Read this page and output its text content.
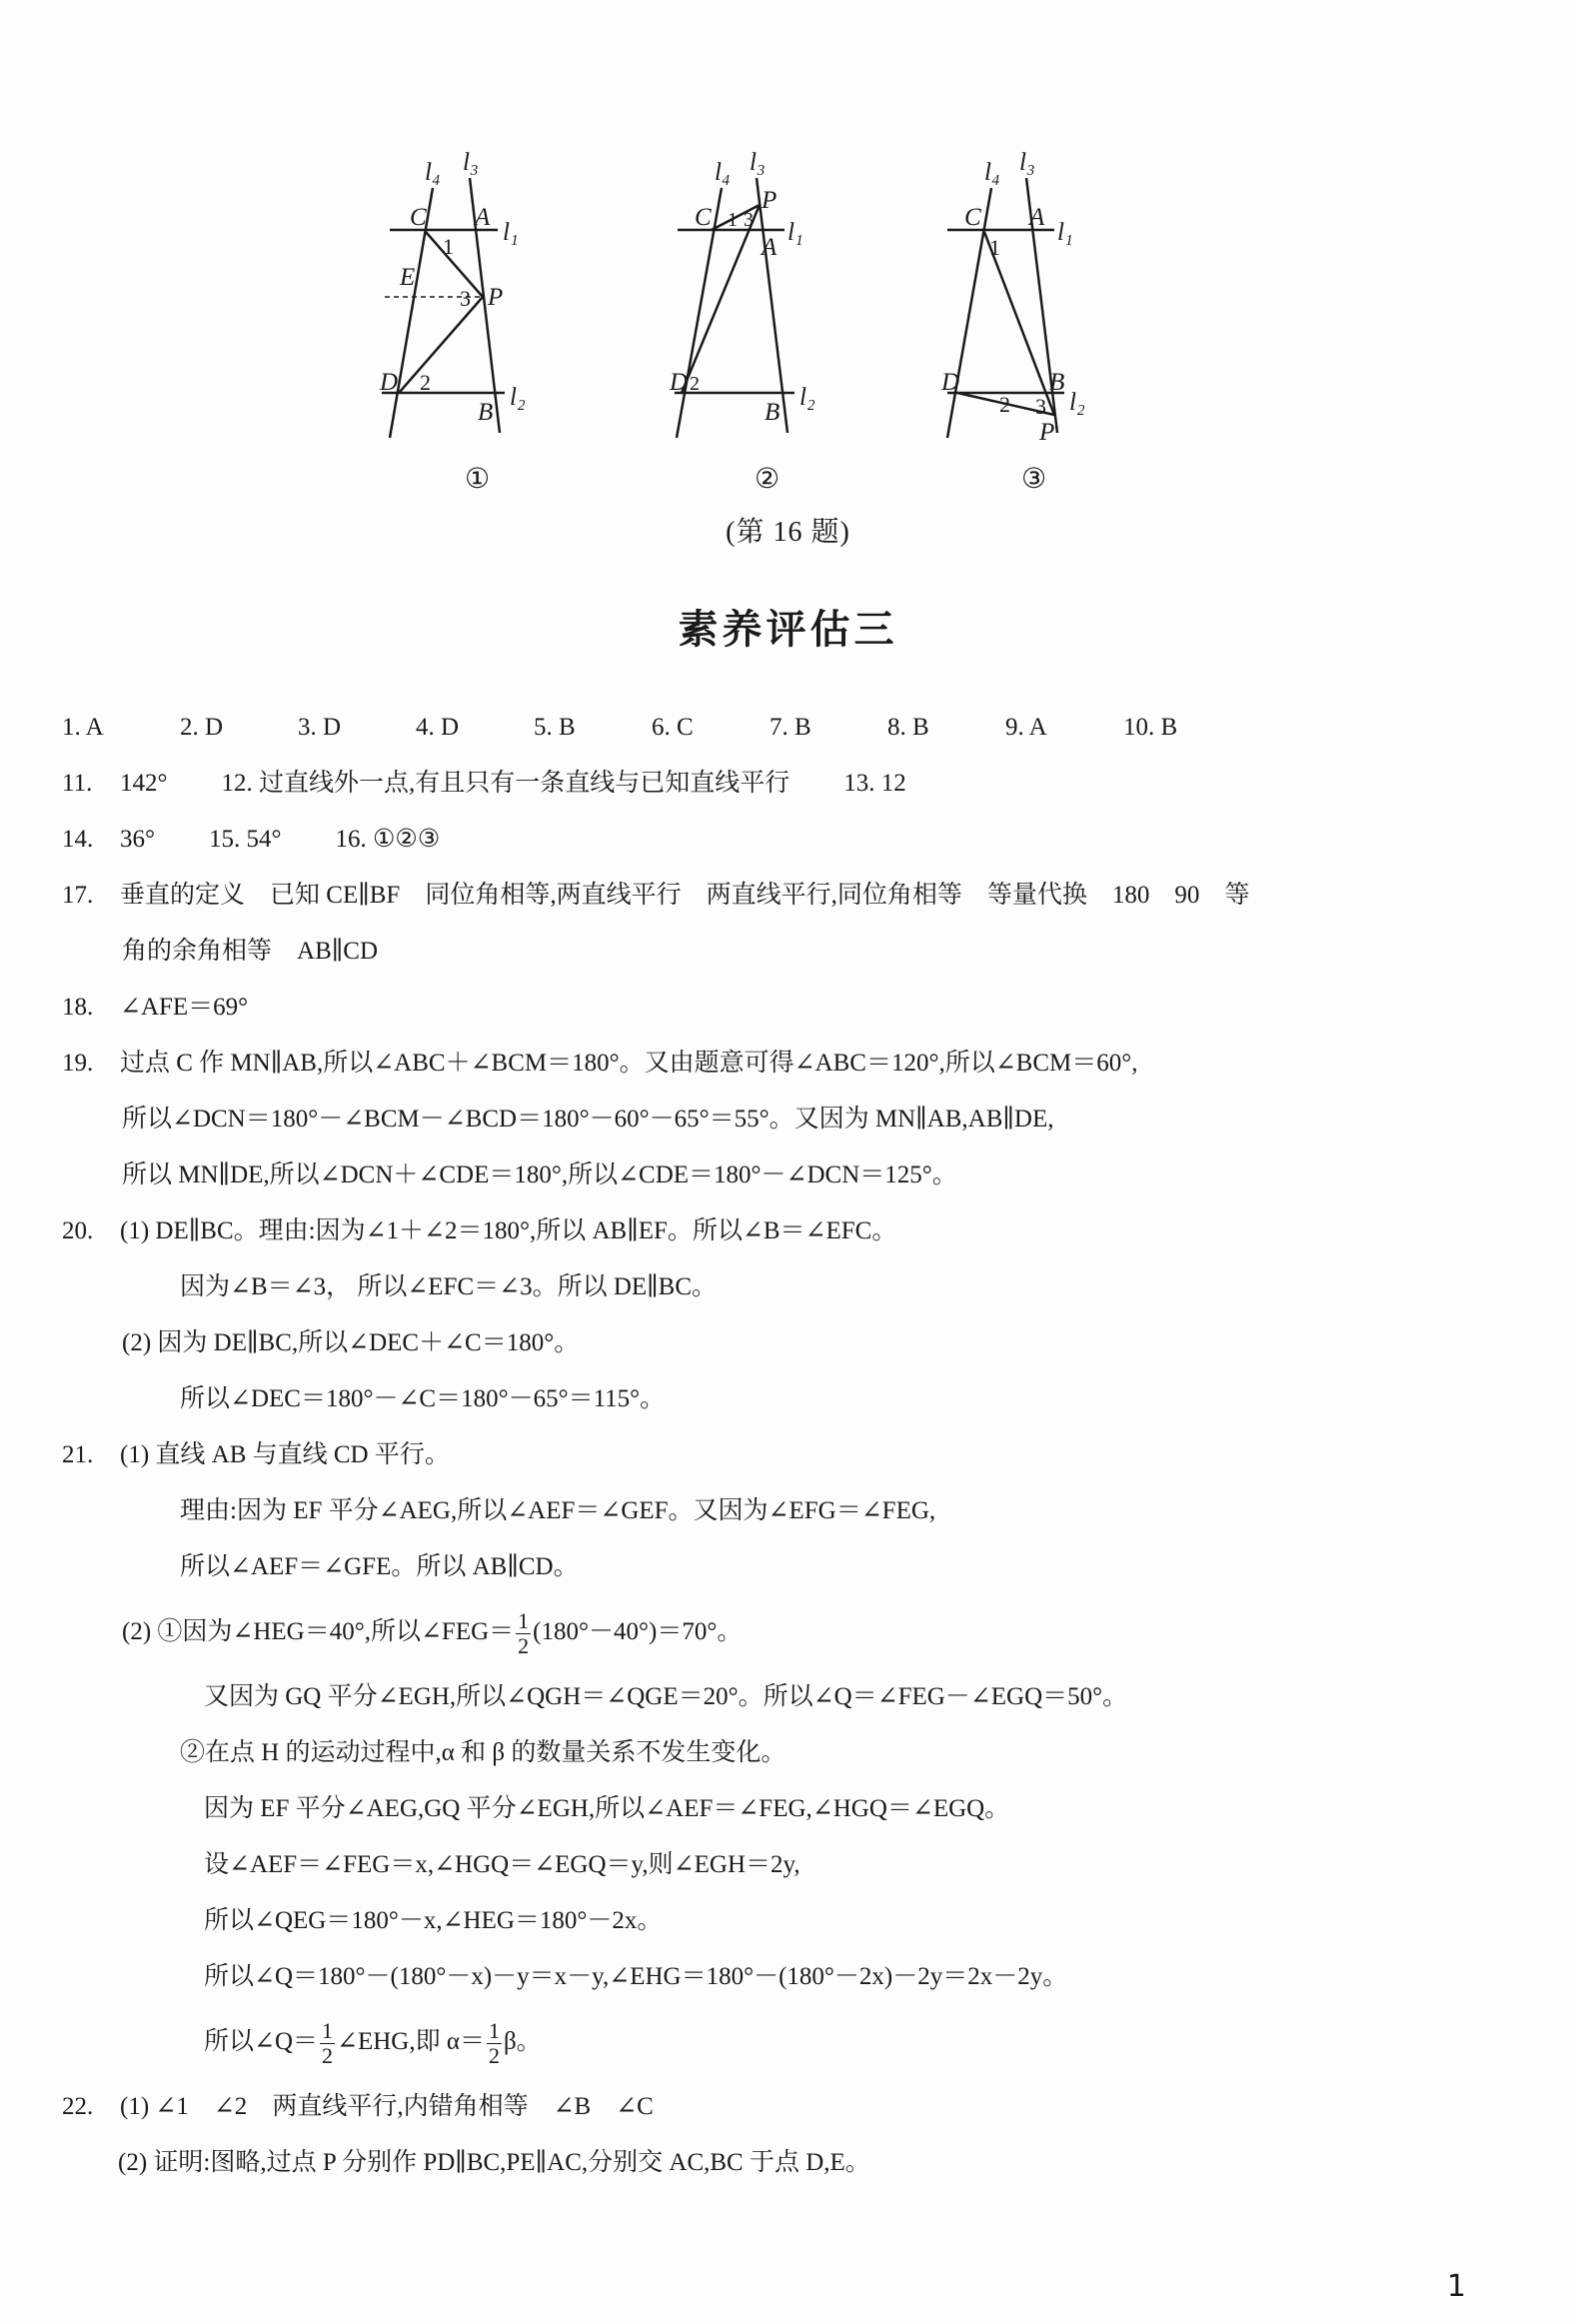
l₄ l₃
l₁
l₂
C A
E
P
D
B
1
3
2
l₄ l₃
l₁
l₂
C
P
A
D
B
1 3
2
l₄ l₃
l₁
l₂
C A
D	B
P
1
2 3
①	②	③
(第 16 题)
素养评估三
1. A	2. D	3. D	4. D	5. B	6. C	7. B	8. B	9. A	10. B
11. 142° 12. 过直线外一点,有且只有一条直线与已知直线平行 13. 12
14. 36° 15. 54° 16. ①②③
17. 垂直的定义  已知 CE∥BF  同位角相等,两直线平行  两直线平行,同位角相等  等量代换  180  90  等
角的余角相等  AB∥CD
18. ∠AFE＝69°
19. 过点 C 作 MN∥AB,所以∠ABC＋∠BCM＝180°。又由题意可得∠ABC＝120°,所以∠BCM＝60°,
所以∠DCN＝180°－∠BCM－∠BCD＝180°－60°－65°＝55°。又因为 MN∥AB,AB∥DE,
所以 MN∥DE,所以∠DCN＋∠CDE＝180°,所以∠CDE＝180°－∠DCN＝125°。
20. (1) DE∥BC。理由:因为∠1＋∠2＝180°,所以 AB∥EF。所以∠B＝∠EFC。
因为∠B＝∠3， 所以∠EFC＝∠3。所以 DE∥BC。
(2) 因为 DE∥BC,所以∠DEC＋∠C＝180°。
所以∠DEC＝180°－∠C＝180°－65°＝115°。
21. (1) 直线 AB 与直线 CD 平行。
理由:因为 EF 平分∠AEG,所以∠AEF＝∠GEF。又因为∠EFG＝∠FEG,
所以∠AEF＝∠GFE。所以 AB∥CD。
(2) ①因为∠HEG＝40°,所以∠FEG＝ $\frac{1}{2} (180^\circ-40^\circ)=70^\circ$。
又因为 GQ 平分∠EGH,所以∠QGH＝∠QGE＝20°。所以∠Q＝∠FEG－∠EGQ＝50°。
②在点 H 的运动过程中,α 和 β 的数量关系不发生变化。
因为 EF 平分∠AEG,GQ 平分∠EGH,所以∠AEF＝∠FEG,∠HGQ＝∠EGQ。
设∠AEF＝∠FEG＝x,∠HGQ＝∠EGQ＝y,则∠EGH＝2y,
所以∠QEG＝180°－x,∠HEG＝180°－2x。
所以∠Q＝180°－(180°－x)－y＝x－y,∠EHG＝180°－(180°－2x)－2y＝2x－2y。
所以∠Q＝ $\frac{1}{2}$ ∠EHG,即 $\alpha= \frac{1}{2}$ β。
22. (1) ∠1  ∠2  两直线平行,内错角相等  ∠B  ∠C
(2) 证明:图略,过点 P 分别作 PD∥BC,PE∥AC,分别交 AC,BC 于点 D,E。
1
